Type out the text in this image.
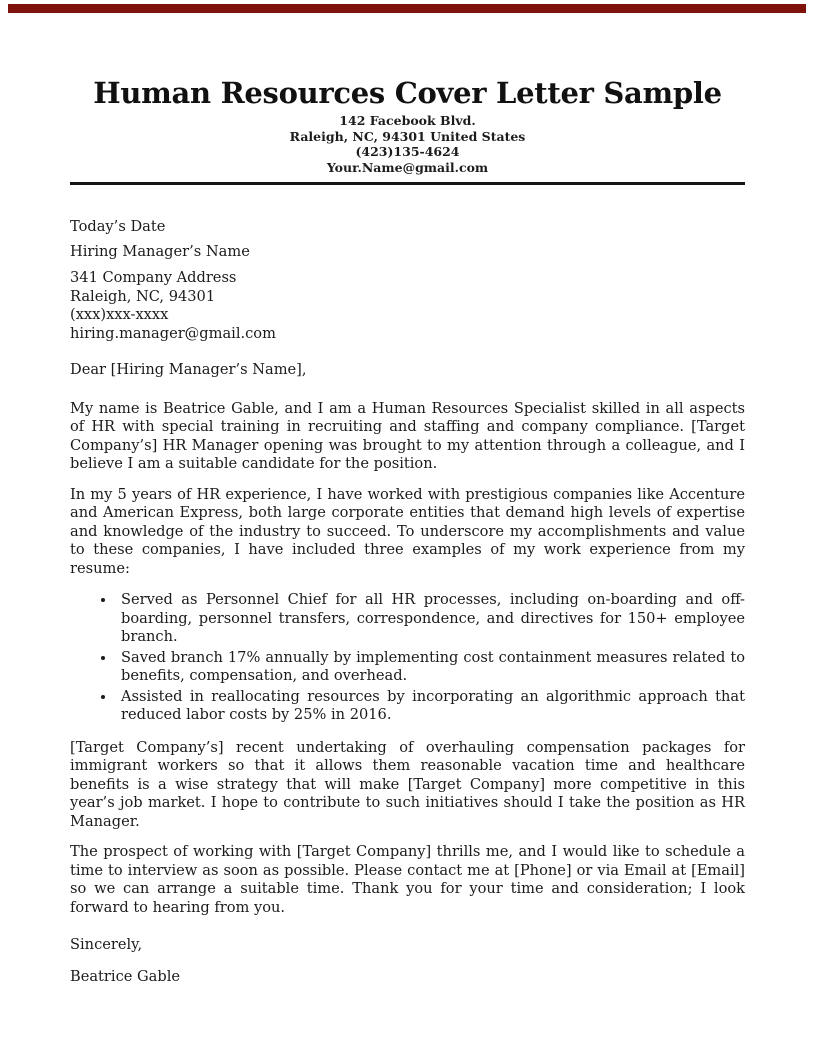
Human Resources Cover Letter Sample
142 Facebook Blvd.
Raleigh, NC, 94301 United States
(423)135-4624
Your.Name@gmail.com

Today’s Date

Hiring Manager’s Name

341 Company Address
Raleigh, NC, 94301
(xxx)xxx-xxxx
hiring.manager@gmail.com

Dear [Hiring Manager’s Name],

My name is Beatrice Gable, and I am a Human Resources Specialist skilled in all aspects of HR with special training in recruiting and staffing and company compliance. [Target Company’s] HR Manager opening was brought to my attention through a colleague, and I believe I am a suitable candidate for the position.

In my 5 years of HR experience, I have worked with prestigious companies like Accenture and American Express, both large corporate entities that demand high levels of expertise and knowledge of the industry to succeed. To underscore my accomplishments and value to these companies, I have included three examples of my work experience from my resume:

• Served as Personnel Chief for all HR processes, including on-boarding and off-boarding, personnel transfers, correspondence, and directives for 150+ employee branch.
• Saved branch 17% annually by implementing cost containment measures related to benefits, compensation, and overhead.
• Assisted in reallocating resources by incorporating an algorithmic approach that reduced labor costs by 25% in 2016.

[Target Company’s] recent undertaking of overhauling compensation packages for immigrant workers so that it allows them reasonable vacation time and healthcare benefits is a wise strategy that will make [Target Company] more competitive in this year’s job market. I hope to contribute to such initiatives should I take the position as HR Manager.

The prospect of working with [Target Company] thrills me, and I would like to schedule a time to interview as soon as possible. Please contact me at [Phone] or via Email at [Email] so we can arrange a suitable time. Thank you for your time and consideration; I look forward to hearing from you.

Sincerely,

Beatrice Gable
